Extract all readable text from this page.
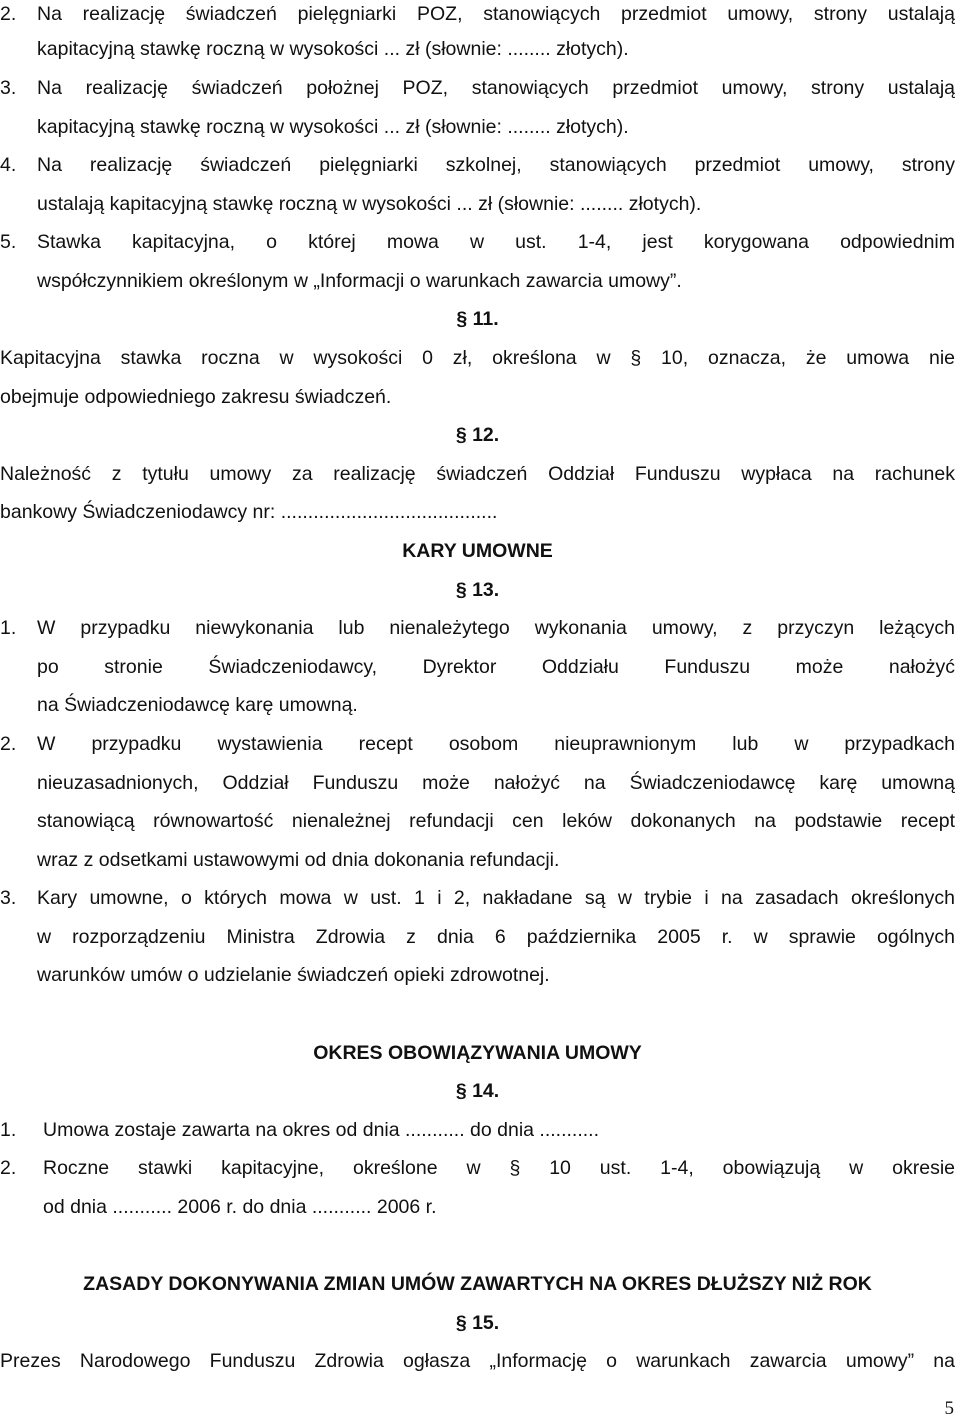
2. Na realizację świadczeń pielęgniarki POZ, stanowiących przedmiot umowy, strony ustalają
kapitacyjną stawkę roczną w wysokości ... zł (słownie: ........ złotych).
3. Na realizację świadczeń położnej POZ, stanowiących przedmiot umowy, strony ustalają
kapitacyjną stawkę roczną w wysokości ... zł (słownie: ........ złotych).
4. Na realizację świadczeń pielęgniarki szkolnej, stanowiących przedmiot umowy, strony
ustalają kapitacyjną stawkę roczną w wysokości ... zł (słownie: ........ złotych).
5. Stawka kapitacyjna, o której mowa w ust. 1-4, jest korygowana odpowiednim
współczynnikiem określonym w „Informacji o warunkach zawarcia umowy”.
§ 11.
Kapitacyjna stawka roczna w wysokości 0 zł, określona w § 10, oznacza, że umowa nie
obejmuje odpowiedniego zakresu świadczeń.
§ 12.
Należność z tytułu umowy za realizację świadczeń Oddział Funduszu wypłaca na rachunek
bankowy Świadczeniodawcy nr: ........................................
KARY UMOWNE
§ 13.
1. W przypadku niewykonania lub nienależytego wykonania umowy, z przyczyn leżących
po stronie Świadczeniodawcy, Dyrektor Oddziału Funduszu może nałożyć
na Świadczeniodawcę karę umowną.
2. W przypadku wystawienia recept osobom nieuprawnionym lub w przypadkach
nieuzasadnionych, Oddział Funduszu może nałożyć na Świadczeniodawcę karę umowną
stanowiącą równowartość nienależnej refundacji cen leków dokonanych na podstawie recept
wraz z odsetkami ustawowymi od dnia dokonania refundacji.
3. Kary umowne, o których mowa w ust. 1 i 2, nakładane są w trybie i na zasadach określonych
w rozporządzeniu Ministra Zdrowia z dnia 6 października 2005 r. w sprawie ogólnych
warunków umów o udzielanie świadczeń opieki zdrowotnej.
OKRES OBOWIĄZYWANIA UMOWY
§ 14.
1. Umowa zostaje zawarta na okres od dnia ........... do dnia ...........
2. Roczne stawki kapitacyjne, określone w § 10 ust. 1-4, obowiązują w okresie
od dnia ........... 2006 r. do dnia ........... 2006 r.
ZASADY DOKONYWANIA ZMIAN UMÓW ZAWARTYCH NA OKRES DŁUŻSZY NIŻ ROK
§ 15.
Prezes Narodowego Funduszu Zdrowia ogłasza „Informację o warunkach zawarcia umowy” na
5
